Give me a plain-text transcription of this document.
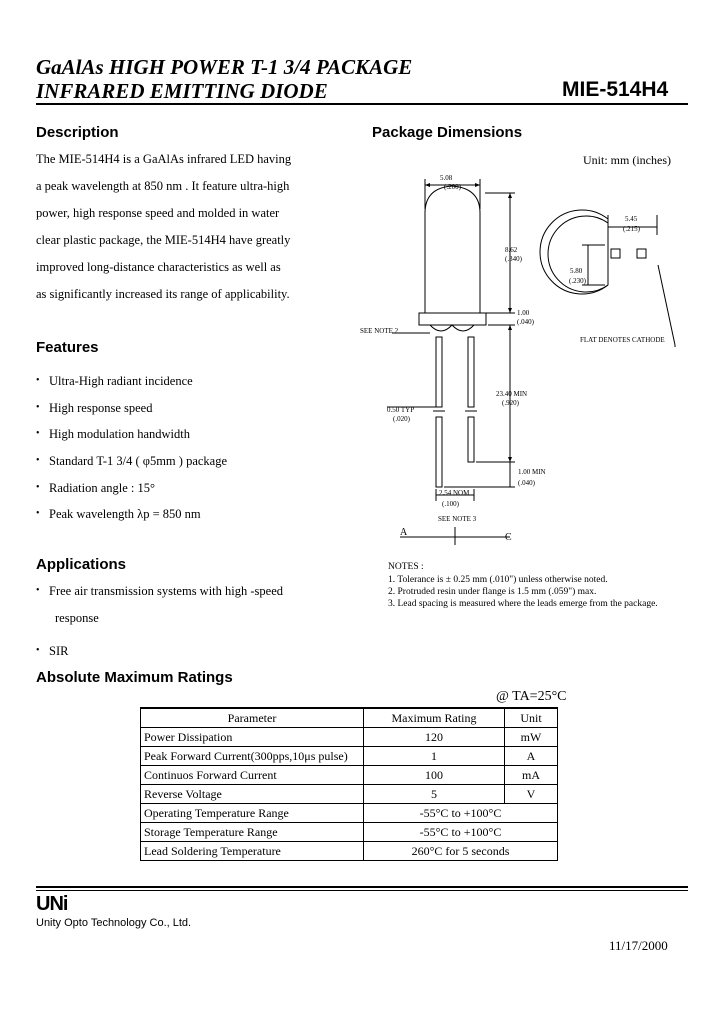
GaAlAs HIGH POWER T-1 3/4 PACKAGE
INFRARED EMITTING DIODE	MIE-514H4
Description
The MIE-514H4 is a GaAlAs infrared LED having
a peak wavelength at 850 nm . It feature ultra-high
power, high response speed and molded in water
clear plastic package, the MIE-514H4 have greatly
improved long-distance characteristics as well as
as significantly increased its range of applicability.
Features
• Ultra-High radiant incidence
• High response speed
• High modulation handwidth
• Standard T-1 3/4 ( φ5mm ) package
• Radiation angle : 15°
• Peak wavelength λp = 850 nm
Applications
• Free air transmission systems with high -speed
response
• SIR
Package Dimensions
Unit: mm (inches)
5.08
(.200)
8.62
(.340)
1.00
(.040)
23.40 MIN
(.920)
0.50 TYP
(.020)
2.54 NOM
(.100)
1.00 MIN
(.040)
5.45
(.215)
5.80
(.230)
SEE NOTE 2
SEE NOTE 3
FLAT DENOTES CATHODE
A	C
NOTES :
1. Tolerance is ± 0.25 mm (.010") unless otherwise noted.
2. Protruded resin under flange is 1.5 mm (.059") max.
3. Lead spacing is measured where the leads emerge from the package.
Absolute Maximum Ratings
@ TA=25°C
Parameter	Maximum Rating	Unit
Power Dissipation	120	mW
Peak Forward Current(300pps,10μs pulse)	1	A
Continuos Forward Current	100	mA
Reverse Voltage	5	V
Operating Temperature Range	-55°C to +100°C	
Storage Temperature Range	-55°C to +100°C	
Lead Soldering Temperature	260°C for 5 seconds	
UNi
Unity Opto Technology Co., Ltd.
11/17/2000
